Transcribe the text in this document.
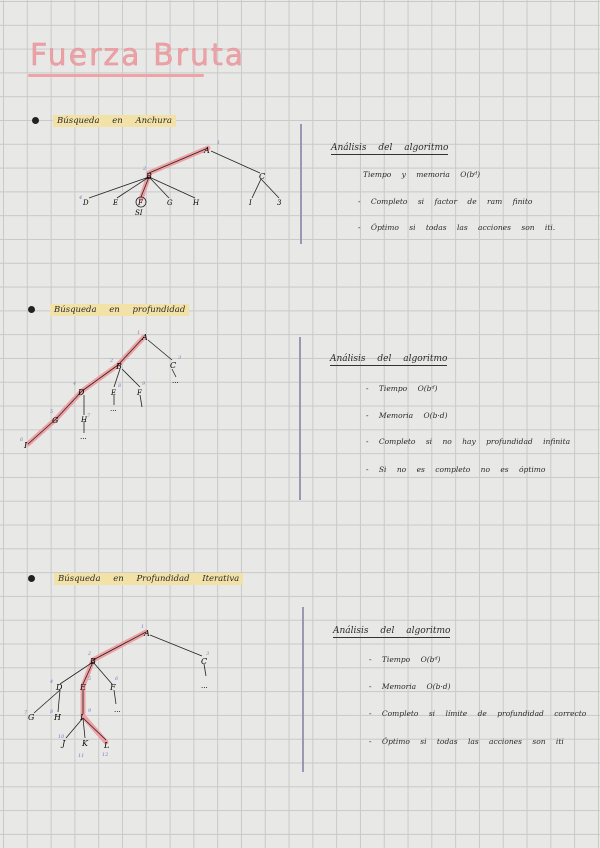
Fuerza Bruta
Búsqueda en Anchura
A
B	C
D	E	F	G	H	I	3
SI
1
2
4
Análisis del algoritmo
Tiempo y memoria O(bᵈ)
- Completo si factor de ram finito
- Óptimo si todas las acciones son iti.
Búsqueda en profundidad
A
B	C
D	E	F
G	H
I
...
...
...
1
2	3
4
5
6
7
8	9
Análisis del algoritmo
- Tiempo O(bᵈ)
- Memoria O(b·d)
- Completo si no hay profundidad infinita
- Si no es completo no es óptimo
Búsqueda en Profundidad Iterativa
A
B	C
D E	F
G H I
J K L
...
...
1
2	3
4	5	6
7	8	9
10
11	12
Análisis del algoritmo
- Tiempo O(bᵈ)
- Memoria O(b·d)
- Completo si límite de profundidad correcto
- Óptimo si todas las acciones son iti
